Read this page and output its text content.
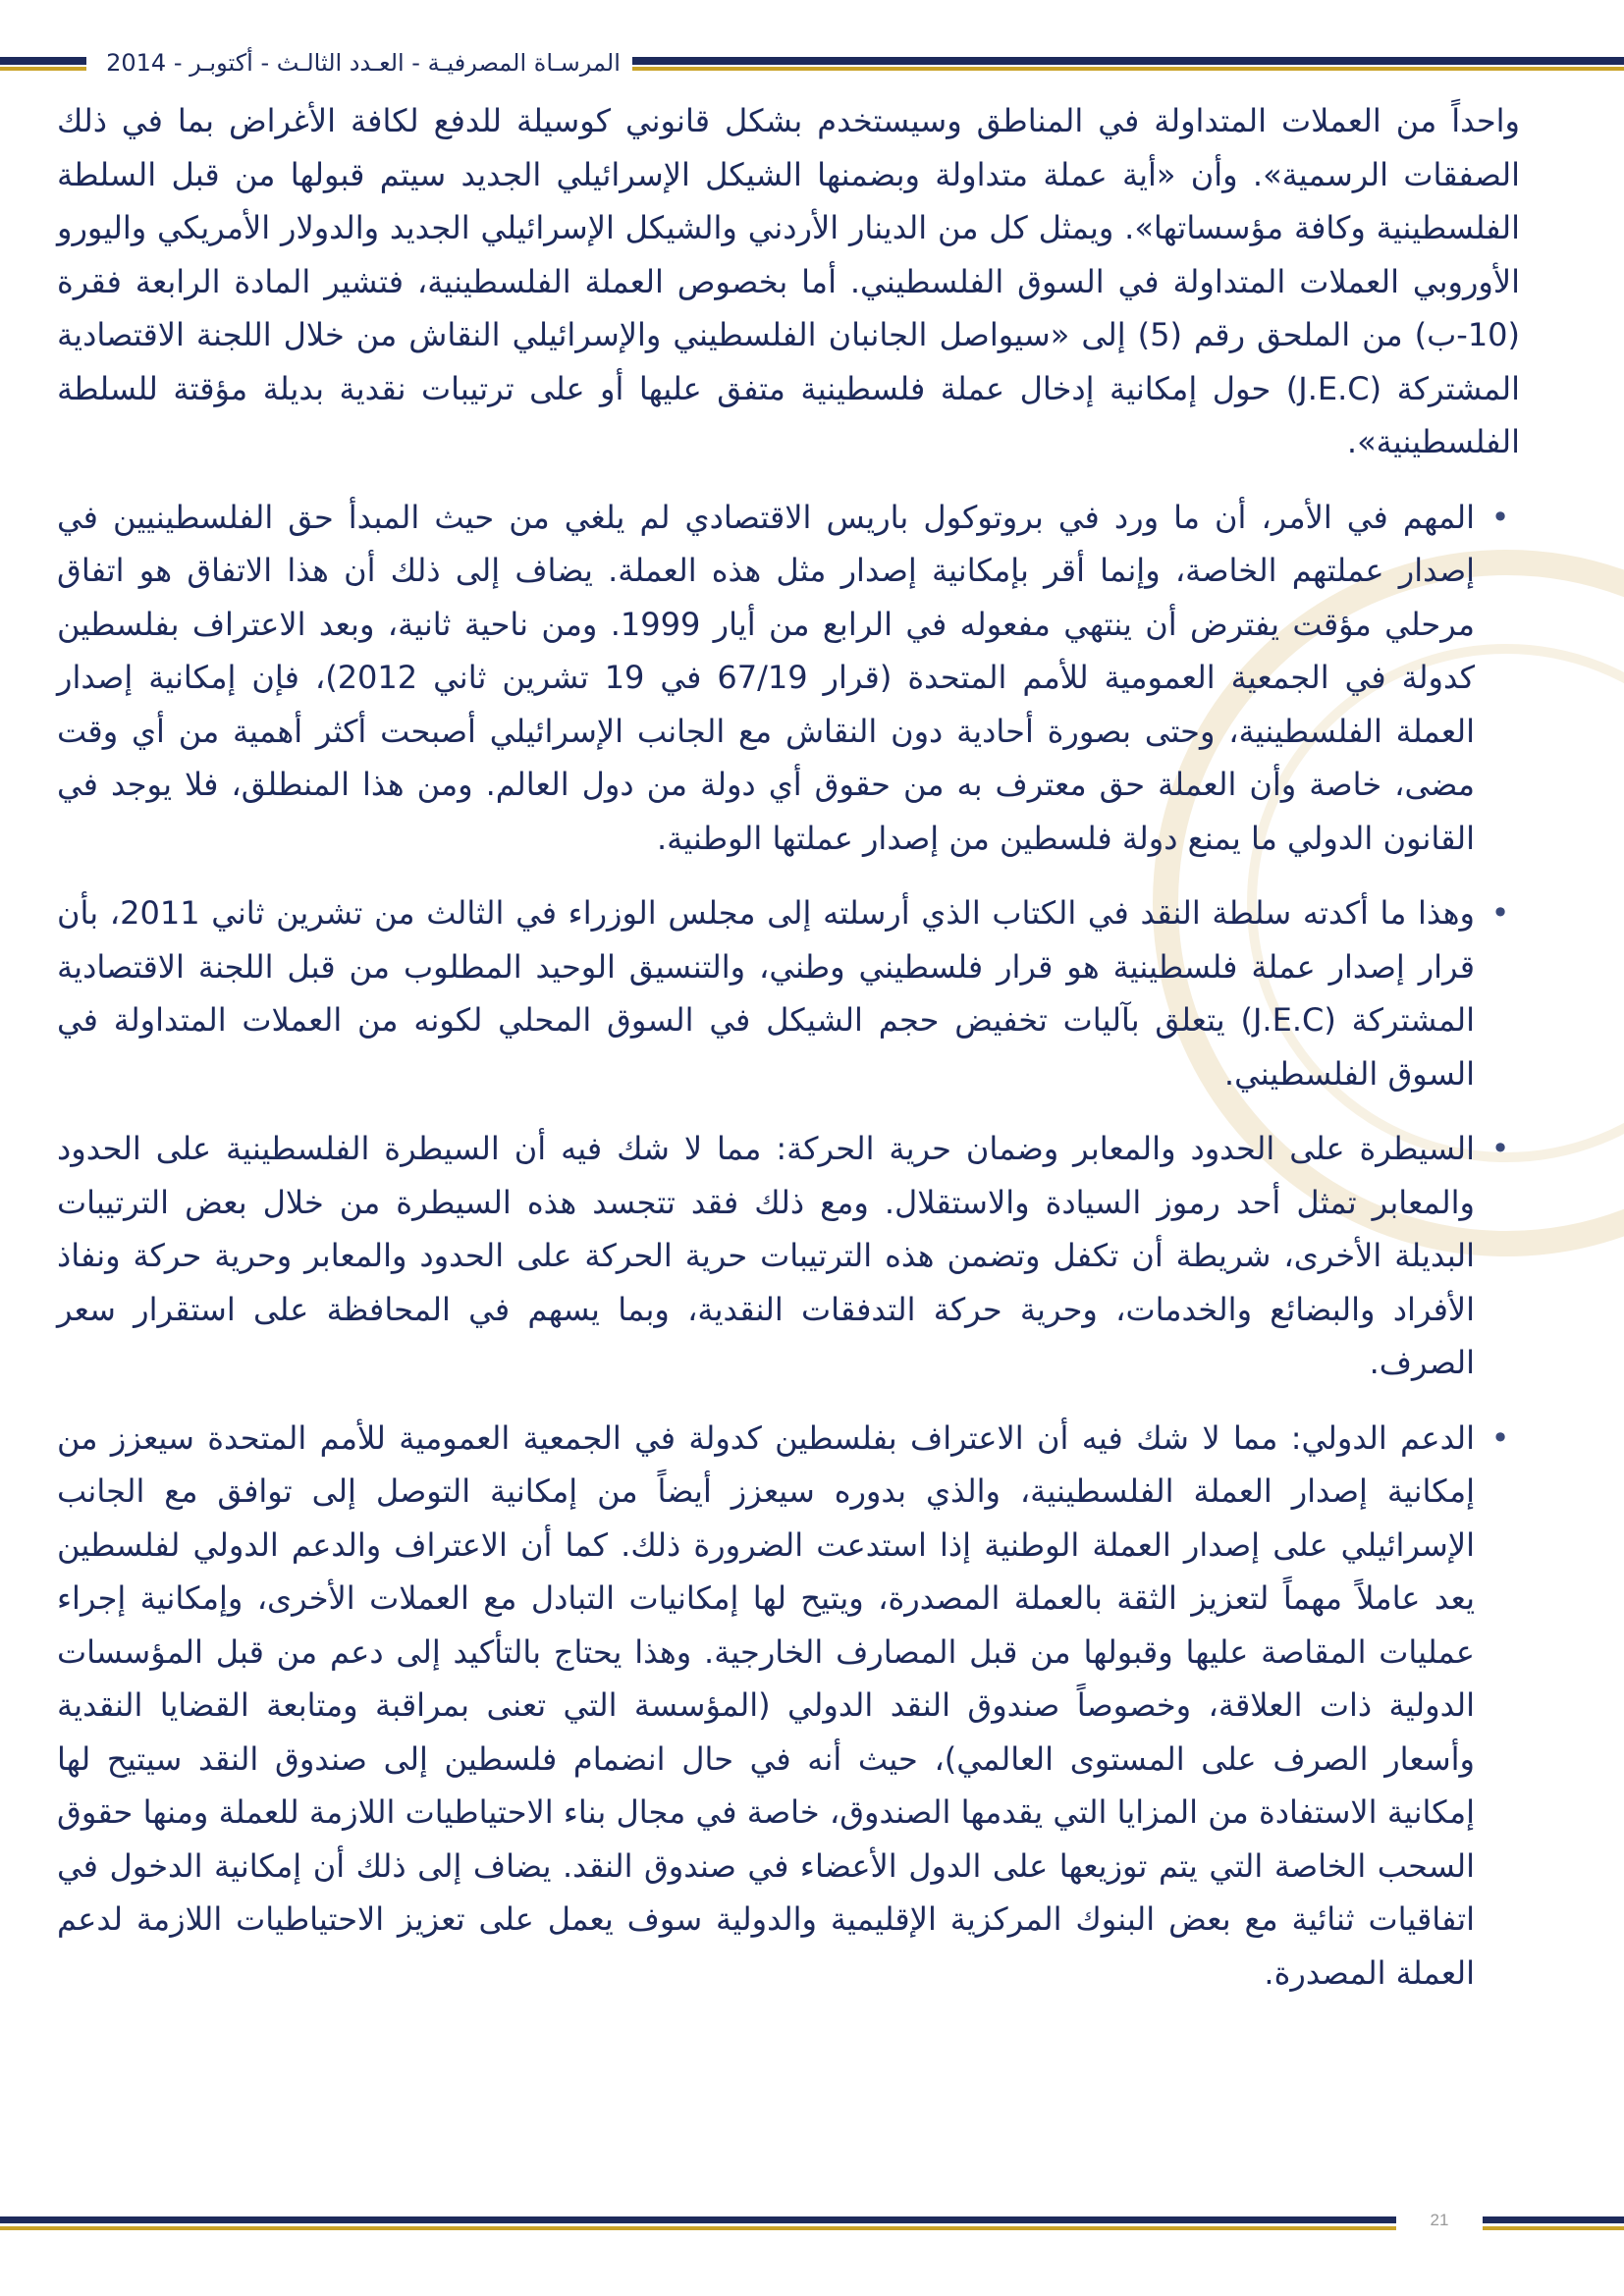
المرسـاة المصرفيـة - العـدد الثالـث - أكتوبـر - 2014

واحداً من العملات المتداولة في المناطق وسيستخدم بشكل قانوني كوسيلة للدفع لكافة الأغراض بما في ذلك الصفقات الرسمية». وأن «أية عملة متداولة وبضمنها الشيكل الإسرائيلي الجديد سيتم قبولها من قبل السلطة الفلسطينية وكافة مؤسساتها». ويمثل كل من الدينار الأردني والشيكل الإسرائيلي الجديد والدولار الأمريكي واليورو الأوروبي العملات المتداولة في السوق الفلسطيني. أما بخصوص العملة الفلسطينية، فتشير المادة الرابعة فقرة (10-ب) من الملحق رقم (5) إلى «سيواصل الجانبان الفلسطيني والإسرائيلي النقاش من خلال اللجنة الاقتصادية المشتركة (J.E.C) حول إمكانية إدخال عملة فلسطينية متفق عليها أو على ترتيبات نقدية بديلة مؤقتة للسلطة الفلسطينية».

•
المهم في الأمر، أن ما ورد في بروتوكول باريس الاقتصادي لم يلغي من حيث المبدأ حق الفلسطينيين في إصدار عملتهم الخاصة، وإنما أقر بإمكانية إصدار مثل هذه العملة. يضاف إلى ذلك أن هذا الاتفاق هو اتفاق مرحلي مؤقت يفترض أن ينتهي مفعوله في الرابع من أيار 1999. ومن ناحية ثانية، وبعد الاعتراف بفلسطين كدولة في الجمعية العمومية للأمم المتحدة (قرار 67/19 في 19 تشرين ثاني 2012)، فإن إمكانية إصدار العملة الفلسطينية، وحتى بصورة أحادية دون النقاش مع الجانب الإسرائيلي أصبحت أكثر أهمية من أي وقت مضى، خاصة وأن العملة حق معترف به من حقوق أي دولة من دول العالم. ومن هذا المنطلق، فلا يوجد في القانون الدولي ما يمنع دولة فلسطين من إصدار عملتها الوطنية.

•
وهذا ما أكدته سلطة النقد في الكتاب الذي أرسلته إلى مجلس الوزراء في الثالث من تشرين ثاني 2011، بأن قرار إصدار عملة فلسطينية هو قرار فلسطيني وطني، والتنسيق الوحيد المطلوب من قبل اللجنة الاقتصادية المشتركة (J.E.C) يتعلق بآليات تخفيض حجم الشيكل في السوق المحلي لكونه من العملات المتداولة في السوق الفلسطيني.

•
السيطرة على الحدود والمعابر وضمان حرية الحركة: مما لا شك فيه أن السيطرة الفلسطينية على الحدود والمعابر تمثل أحد رموز السيادة والاستقلال. ومع ذلك فقد تتجسد هذه السيطرة من خلال بعض الترتيبات البديلة الأخرى، شريطة أن تكفل وتضمن هذه الترتيبات حرية الحركة على الحدود والمعابر وحرية حركة ونفاذ الأفراد والبضائع والخدمات، وحرية حركة التدفقات النقدية، وبما يسهم في المحافظة على استقرار سعر الصرف.

•
الدعم الدولي: مما لا شك فيه أن الاعتراف بفلسطين كدولة في الجمعية العمومية للأمم المتحدة سيعزز من إمكانية إصدار العملة الفلسطينية، والذي بدوره سيعزز أيضاً من إمكانية التوصل إلى توافق مع الجانب الإسرائيلي على إصدار العملة الوطنية إذا استدعت الضرورة ذلك. كما أن الاعتراف والدعم الدولي لفلسطين يعد عاملاً مهماً لتعزيز الثقة بالعملة المصدرة، ويتيح لها إمكانيات التبادل مع العملات الأخرى، وإمكانية إجراء عمليات المقاصة عليها وقبولها من قبل المصارف الخارجية. وهذا يحتاج بالتأكيد إلى دعم من قبل المؤسسات الدولية ذات العلاقة، وخصوصاً صندوق النقد الدولي (المؤسسة التي تعنى بمراقبة ومتابعة القضايا النقدية وأسعار الصرف على المستوى العالمي)، حيث أنه في حال انضمام فلسطين إلى صندوق النقد سيتيح لها إمكانية الاستفادة من المزايا التي يقدمها الصندوق، خاصة في مجال بناء الاحتياطيات اللازمة للعملة ومنها حقوق السحب الخاصة التي يتم توزيعها على الدول الأعضاء في صندوق النقد. يضاف إلى ذلك أن إمكانية الدخول في اتفاقيات ثنائية مع بعض البنوك المركزية الإقليمية والدولية سوف يعمل على تعزيز الاحتياطيات اللازمة لدعم العملة المصدرة.

21
